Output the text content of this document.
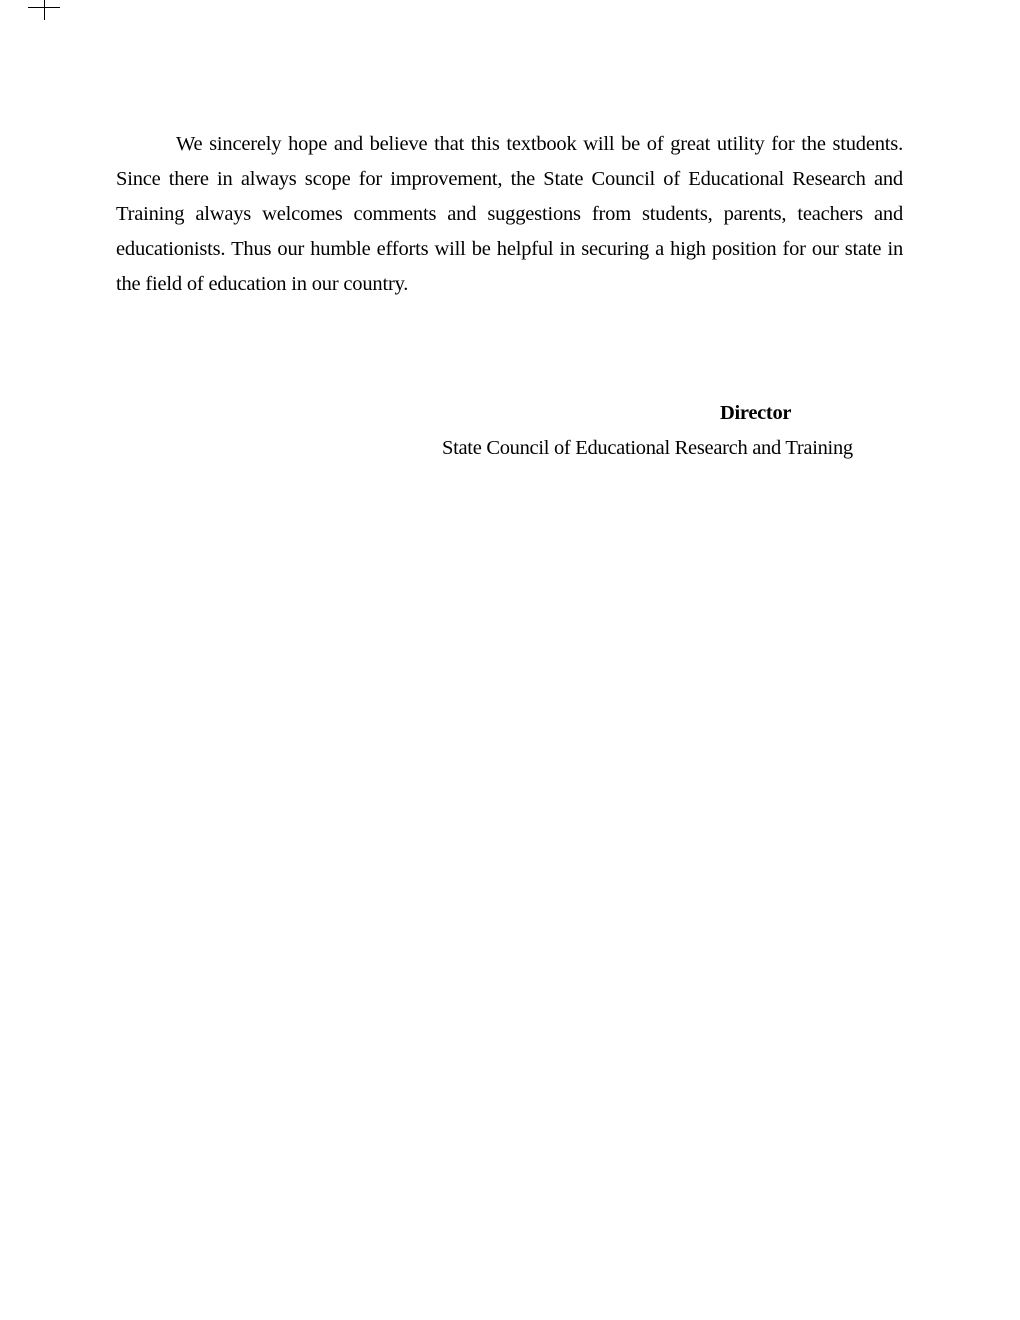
We sincerely hope and believe that this textbook will be of great utility for the students. Since there in always scope for improvement, the State Council of Educational Research and Training always welcomes comments and suggestions from students, parents, teachers and educationists. Thus our humble efforts will be helpful in securing a high position for our state in the field of education in our country.

Director

State Council of Educational Research and Training
